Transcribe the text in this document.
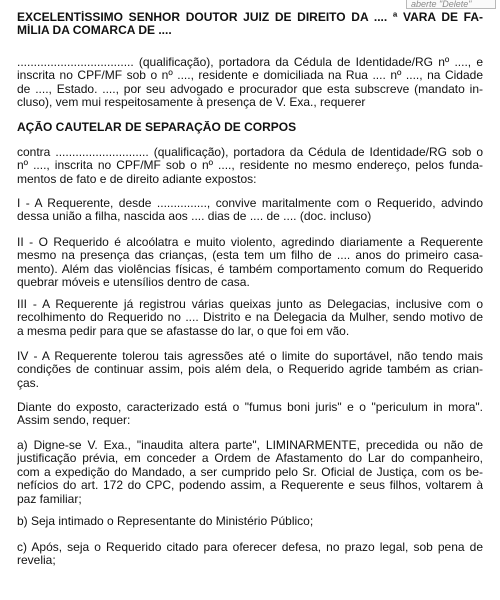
aberte "Delete"
EXCELENTÍSSIMO SENHOR DOUTOR JUIZ DE DIREITO DA .... ª VARA DE FA-
MÍLIA DA COMARCA DE ....
................................... (qualificação), portadora da Cédula de Identidade/RG nº ...., e
inscrita no CPF/MF sob o nº ...., residente e domiciliada na Rua .... nº ...., na Cidade
de ...., Estado. ...., por seu advogado e procurador que esta subscreve (mandato in-
cluso), vem mui respeitosamente à presença de V. Exa., requerer
AÇÃO CAUTELAR DE SEPARAÇÃO DE CORPOS
contra ............................ (qualificação), portadora da Cédula de Identidade/RG sob o
nº ...., inscrita no CPF/MF sob o nº ...., residente no mesmo endereço, pelos funda-
mentos de fato e de direito adiante expostos:
I - A Requerente, desde ..............., convive maritalmente com o Requerido, advindo
dessa união a filha, nascida aos .... dias de .... de .... (doc. incluso)
II - O Requerido é alcoólatra e muito violento, agredindo diariamente a Requerente
mesmo na presença das crianças, (esta tem um filho de .... anos do primeiro casa-
mento). Além das violências físicas, é também comportamento comum do Requerido
quebrar móveis e utensílios dentro de casa.
III - A Requerente já registrou várias queixas junto as Delegacias, inclusive com o
recolhimento do Requerido no .... Distrito e na Delegacia da Mulher, sendo motivo de
a mesma pedir para que se afastasse do lar, o que foi em vão.
IV - A Requerente tolerou tais agressões até o limite do suportável, não tendo mais
condições de continuar assim, pois além dela, o Requerido agride também as crian-
ças.
Diante do exposto, caracterizado está o "fumus boni juris" e o "periculum in mora".
Assim sendo, requer:
a) Digne-se V. Exa., "inaudita altera parte", LIMINARMENTE, precedida ou não de
justificação prévia, em conceder a Ordem de Afastamento do Lar do companheiro,
com a expedição do Mandado, a ser cumprido pelo Sr. Oficial de Justiça, com os be-
nefícios do art. 172 do CPC, podendo assim, a Requerente e seus filhos, voltarem à
paz familiar;
b) Seja intimado o Representante do Ministério Público;
c) Após, seja o Requerido citado para oferecer defesa, no prazo legal, sob pena de
revelia;
